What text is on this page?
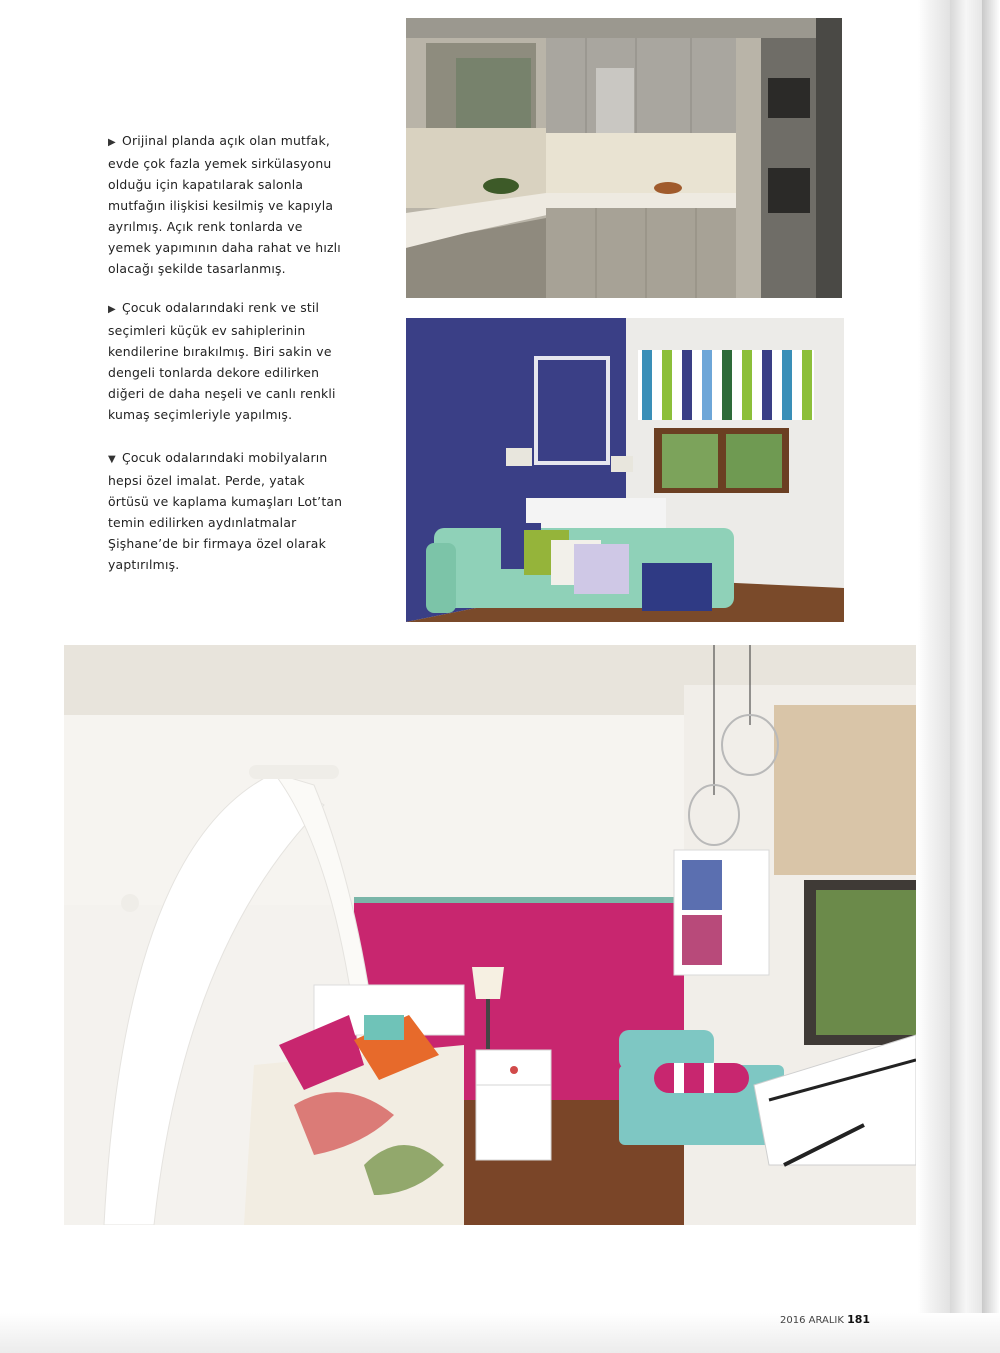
▶ Orijinal planda açık olan mutfak, evde çok fazla yemek sirkülasyonu olduğu için kapatılarak salonla mutfağın ilişkisi kesilmiş ve kapıyla ayrılmış. Açık renk tonlarda ve yemek yapımının daha rahat ve hızlı olacağı şekilde tasarlanmış.

▶ Çocuk odalarındaki renk ve stil seçimleri küçük ev sahiplerinin kendilerine bırakılmış. Biri sakin ve dengeli tonlarda dekore edilirken diğeri de daha neşeli ve canlı renkli kumaş seçimleriyle yapılmış.

▼ Çocuk odalarındaki mobilyaların hepsi özel imalat. Perde, yatak örtüsü ve kaplama kumaşları Lot’tan temin edilirken aydınlatmalar Şişhane’de bir firmaya özel olarak yaptırılmış.

2016 ARALIK 181
